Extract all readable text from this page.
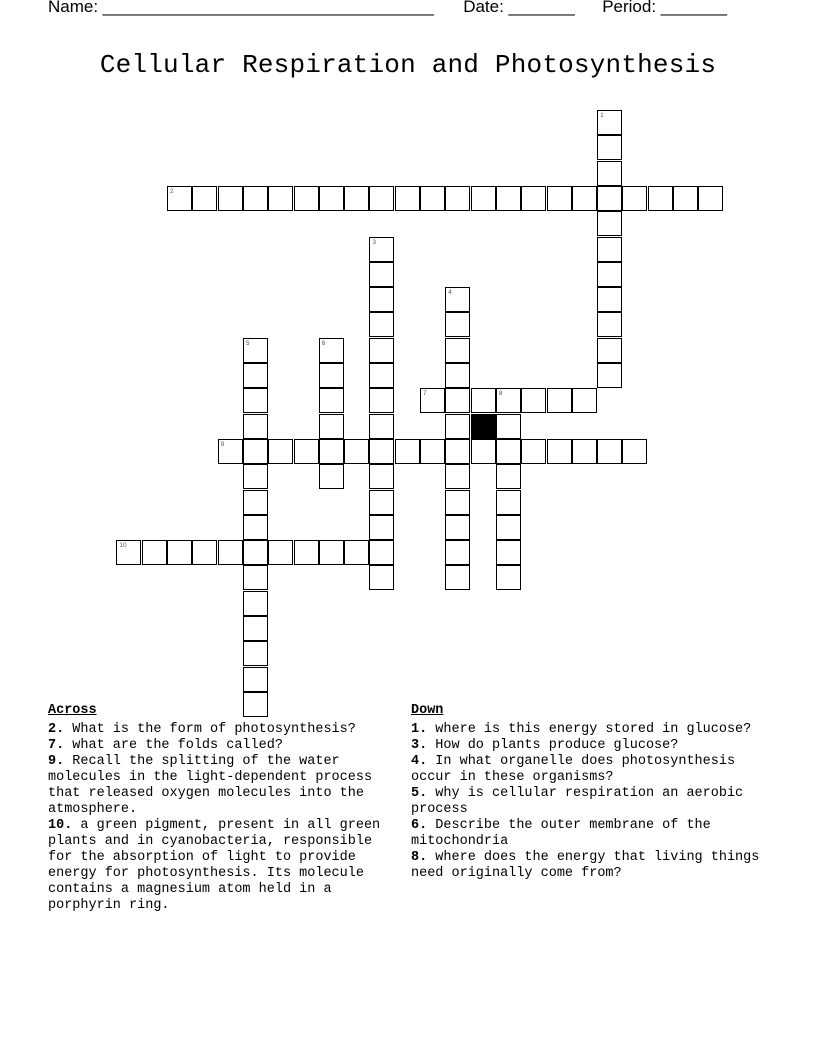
Name: ___________________________________ Date: _______ Period: _______
Cellular Respiration and Photosynthesis
1
2
3
4
5	6
7	8
9
10
Across

2. What is the form of photosynthesis?

7. what are the folds called?

9. Recall the splitting of the water molecules in the light-dependent process that released oxygen molecules into the atmosphere.

10. a green pigment, present in all green plants and in cyanobacteria, responsible for the absorption of light to provide energy for photosynthesis. Its molecule contains a magnesium atom held in a porphyrin ring.

Down

1. where is this energy stored in glucose?

3. How do plants produce glucose?

4. In what organelle does photosynthesis occur in these organisms?

5. why is cellular respiration an aerobic process

6. Describe the outer membrane of the mitochondria

8. where does the energy that living things need originally come from?
